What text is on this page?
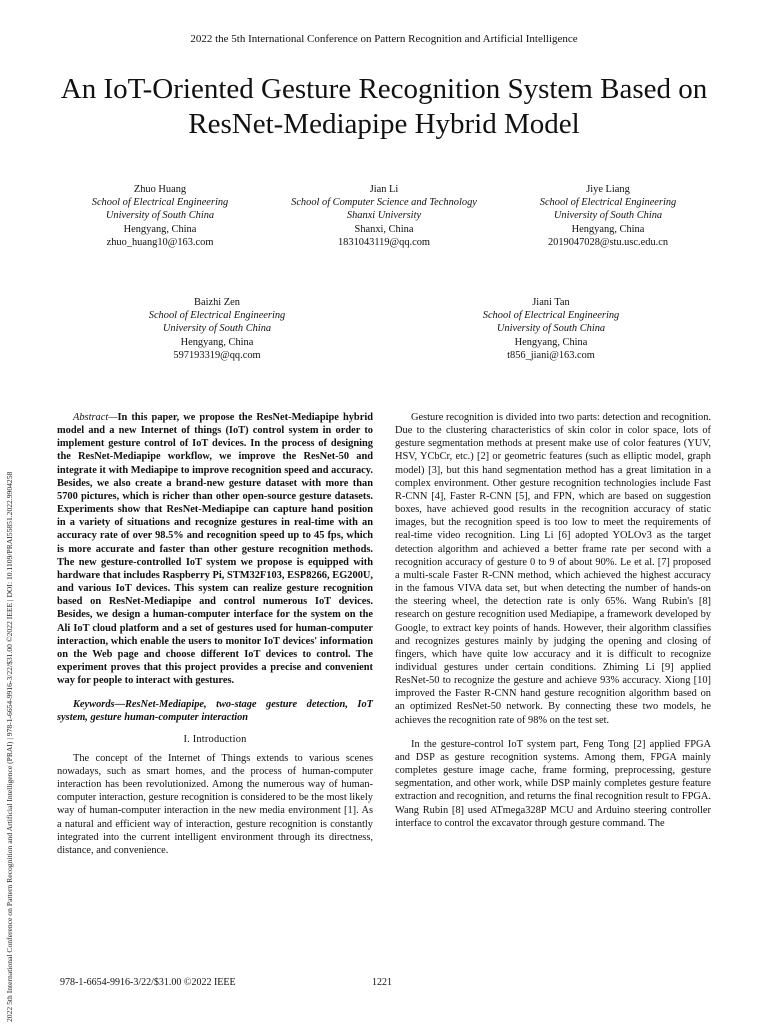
2022 the 5th International Conference on Pattern Recognition and Artificial Intelligence
An IoT-Oriented Gesture Recognition System Based on ResNet-Mediapipe Hybrid Model
2022 5th International Conference on Pattern Recognition and Artificial Intelligence (PRAI) | 978-1-6654-9916-3/22/$31.00 ©2022 IEEE | DOI: 10.1109/PRAI55851.2022.9904258
Zhuo Huang
School of Electrical Engineering
University of South China
Hengyang, China
zhuo_huang10@163.com
Jian Li
School of Computer Science and Technology
Shanxi University
Shanxi, China
1831043119@qq.com
Jiye Liang
School of Electrical Engineering
University of South China
Hengyang, China
2019047028@stu.usc.edu.cn
Baizhi Zen
School of Electrical Engineering
University of South China
Hengyang, China
597193319@qq.com
Jiani Tan
School of Electrical Engineering
University of South China
Hengyang, China
t856_jiani@163.com

Abstract—In this paper, we propose the ResNet-Mediapipe hybrid model and a new Internet of things (IoT) control system in order to implement gesture control of IoT devices. In the process of designing the ResNet-Mediapipe workflow, we improve the ResNet-50 and integrate it with Mediapipe to improve recognition speed and accuracy. Besides, we also create a brand-new gesture dataset with more than 5700 pictures, which is richer than other open-source gesture datasets. Experiments show that ResNet-Mediapipe can capture hand position in a variety of situations and recognize gestures in real-time with an accuracy rate of over 98.5% and recognition speed up to 45 fps, which is more accurate and faster than other gesture recognition methods. The new gesture-controlled IoT system we propose is equipped with hardware that includes Raspberry Pi, STM32F103, ESP8266, EG200U, and various IoT devices. This system can realize gesture recognition based on ResNet-Mediapipe and control numerous IoT devices. Besides, we design a human-computer interface for the system on the Ali IoT cloud platform and a set of gestures used for human-computer interaction, which enable the users to monitor IoT devices' information on the Web page and choose different IoT devices to control. The experiment proves that this project provides a precise and convenient way for people to interact with gestures.

Keywords—ResNet-Mediapipe, two-stage gesture detection, IoT system, gesture human-computer interaction

I. Introduction

The concept of the Internet of Things extends to various scenes nowadays, such as smart homes, and the process of human-computer interaction has been revolutionized. Among the numerous way of human-computer interaction, gesture recognition is considered to be the most likely way of human-computer interaction in the new media environment [1]. As a natural and efficient way of interaction, gesture recognition is constantly integrated into the current intelligent environment through its directness, distance, and convenience.

Gesture recognition is divided into two parts: detection and recognition. Due to the clustering characteristics of skin color in color space, lots of gesture segmentation methods at present make use of color features (YUV, HSV, YCbCr, etc.) [2] or geometric features (such as elliptic model, graph model) [3], but this hand segmentation method has a great limitation in a complex environment. Other gesture recognition technologies include Fast R-CNN [4], Faster R-CNN [5], and FPN, which are based on suggestion boxes, have achieved good results in the recognition accuracy of static images, but the recognition speed is too low to meet the requirements of real-time video recognition. Ling Li [6] adopted YOLOv3 as the target detection algorithm and achieved a better frame rate per second with a recognition accuracy of gesture 0 to 9 of about 90%. Le et al. [7] proposed a multi-scale Faster R-CNN method, which achieved the highest accuracy in the famous VIVA data set, but when detecting the number of hands-on the steering wheel, the detection rate is only 65%. Wang Rubin's [8] research on gesture recognition used Mediapipe, a framework developed by Google, to extract key points of hands. However, their algorithm classifies and recognizes gestures mainly by judging the opening and closing of fingers, which have quite low accuracy and it is difficult to recognize individual gestures under certain conditions. Zhiming Li [9] applied ResNet-50 to recognize the gesture and achieve 93% accuracy. Xiong [10] improved the Faster R-CNN hand gesture recognition algorithm based on an optimized ResNet-50 network. By connecting these two models, he achieves the recognition rate of 98% on the test set.

In the gesture-control IoT system part, Feng Tong [2] applied FPGA and DSP as gesture recognition systems. Among them, FPGA mainly completes gesture image cache, frame forming, preprocessing, gesture segmentation, and other work, while DSP mainly completes gesture feature extraction and recognition, and returns the final recognition result to FPGA. Wang Rubin [8] used ATmega328P MCU and Arduino steering controller interface to control the excavator through gesture command. The

978-1-6654-9916-3/22/$31.00 ©2022 IEEE	1221
